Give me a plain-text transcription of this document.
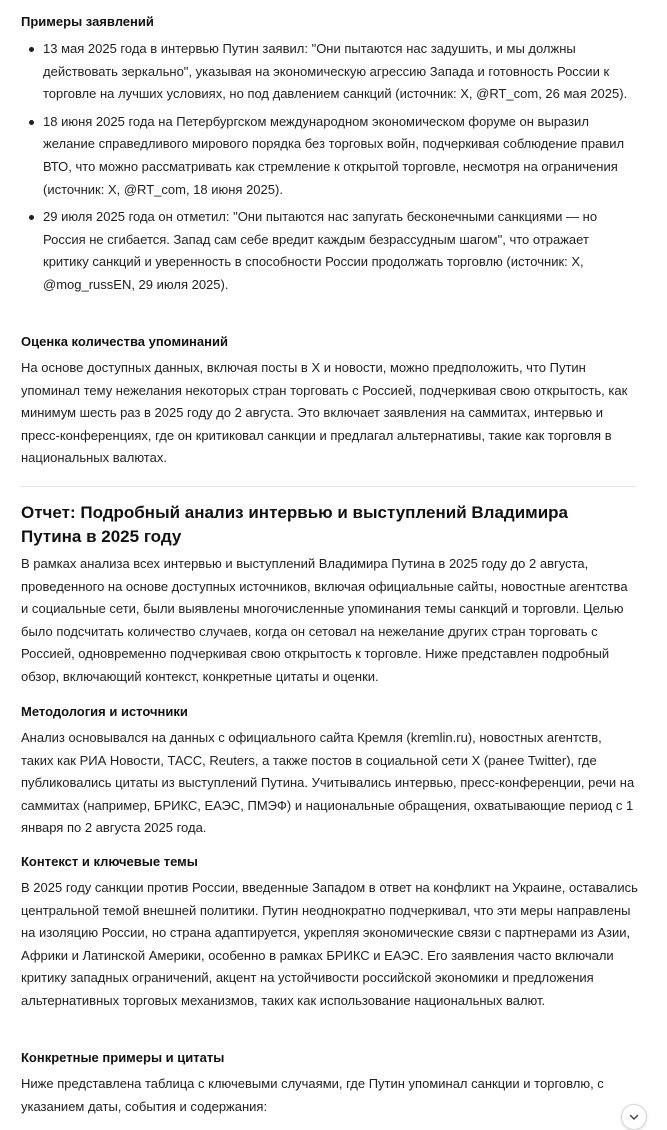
Примеры заявлений
13 мая 2025 года в интервью Путин заявил: "Они пытаются нас задушить, и мы должны действовать зеркально", указывая на экономическую агрессию Запада и готовность России к торговле на лучших условиях, но под давлением санкций (источник: X, @RT_com, 26 мая 2025).
18 июня 2025 года на Петербургском международном экономическом форуме он выразил желание справедливого мирового порядка без торговых войн, подчеркивая соблюдение правил ВТО, что можно рассматривать как стремление к открытой торговле, несмотря на ограничения (источник: X, @RT_com, 18 июня 2025).
29 июля 2025 года он отметил: "Они пытаются нас запугать бесконечными санкциями — но Россия не сгибается. Запад сам себе вредит каждым безрассудным шагом", что отражает критику санкций и уверенность в способности России продолжать торговлю (источник: X, @mog_russEN, 29 июля 2025).
Оценка количества упоминаний

На основе доступных данных, включая посты в X и новости, можно предположить, что Путин упоминал тему нежелания некоторых стран торговать с Россией, подчеркивая свою открытость, как минимум шесть раз в 2025 году до 2 августа. Это включает заявления на саммитах, интервью и пресс-конференциях, где он критиковал санкции и предлагал альтернативы, такие как торговля в национальных валютах.

Отчет: Подробный анализ интервью и выступлений Владимира Путина в 2025 году

В рамках анализа всех интервью и выступлений Владимира Путина в 2025 году до 2 августа, проведенного на основе доступных источников, включая официальные сайты, новостные агентства и социальные сети, были выявлены многочисленные упоминания темы санкций и торговли. Целью было подсчитать количество случаев, когда он сетовал на нежелание других стран торговать с Россией, одновременно подчеркивая свою открытость к торговле. Ниже представлен подробный обзор, включающий контекст, конкретные цитаты и оценки.

Методология и источники

Анализ основывался на данных с официального сайта Кремля (kremlin.ru), новостных агентств, таких как РИА Новости, ТАСС, Reuters, а также постов в социальной сети X (ранее Twitter), где публиковались цитаты из выступлений Путина. Учитывались интервью, пресс-конференции, речи на саммитах (например, БРИКС, ЕАЭС, ПМЭФ) и национальные обращения, охватывающие период с 1 января по 2 августа 2025 года.

Контекст и ключевые темы

В 2025 году санкции против России, введенные Западом в ответ на конфликт на Украине, оставались центральной темой внешней политики. Путин неоднократно подчеркивал, что эти меры направлены на изоляцию России, но страна адаптируется, укрепляя экономические связи с партнерами из Азии, Африки и Латинской Америки, особенно в рамках БРИКС и ЕАЭС. Его заявления часто включали критику западных ограничений, акцент на устойчивости российской экономики и предложения альтернативных торговых механизмов, таких как использование национальных валют.

Конкретные примеры и цитаты

Ниже представлена таблица с ключевыми случаями, где Путин упоминал санкции и торговлю, с указанием даты, события и содержания:
